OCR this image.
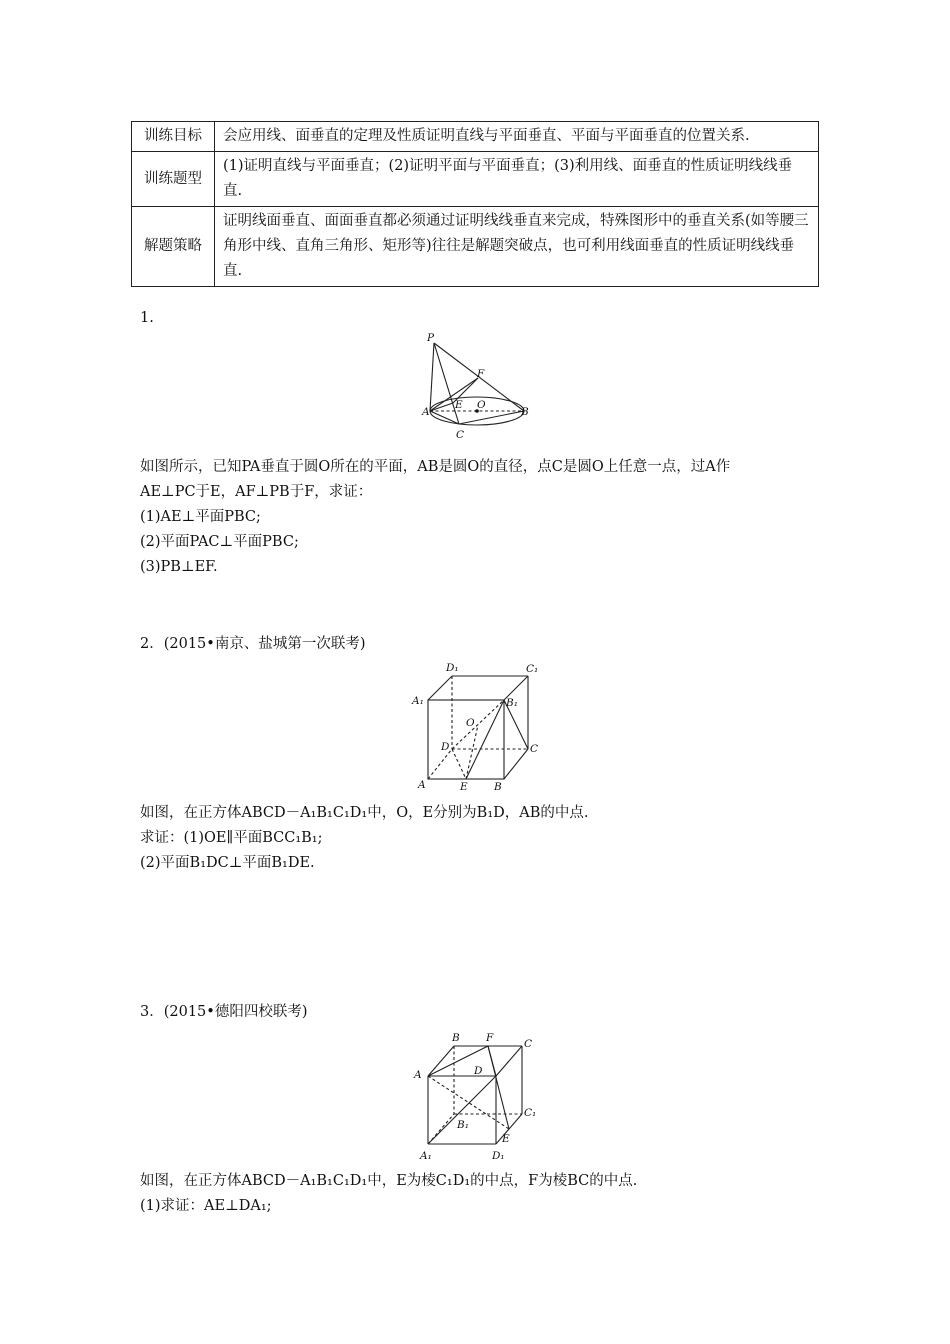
训练目标	会应用线、面垂直的定理及性质证明直线与平面垂直、平面与平面垂直的位置关系.
训练题型	(1)证明直线与平面垂直；(2)证明平面与平面垂直；(3)利用线、面垂直的性质证明线线垂直.
解题策略	证明线面垂直、面面垂直都必须通过证明线线垂直来完成，特殊图形中的垂直关系(如等腰三角形中线、直角三角形、矩形等)往往是解题突破点，也可利用线面垂直的性质证明线线垂直.
1.
P
F
E O
A	B
C
如图所示，已知PA垂直于圆O所在的平面，AB是圆O的直径，点C是圆O上任意一点，过A作
AE⊥PC于E，AF⊥PB于F，求证：
(1)AE⊥平面PBC;
(2)平面PAC⊥平面PBC;
(3)PB⊥EF.
2．(2015•南京、盐城第一次联考)
D₁	C₁
A₁	B₁
O
D	C
A	E	B
如图，在正方体ABCD－A₁B₁C₁D₁中，O，E分别为B₁D，AB的中点.
求证：(1)OE∥平面BCC₁B₁;
(2)平面B₁DC⊥平面B₁DE.
3．(2015•德阳四校联考)
B	F	C
A	D
C₁
B₁
E
A₁	D₁
如图，在正方体ABCD－A₁B₁C₁D₁中，E为棱C₁D₁的中点，F为棱BC的中点.
(1)求证：AE⊥DA₁;
